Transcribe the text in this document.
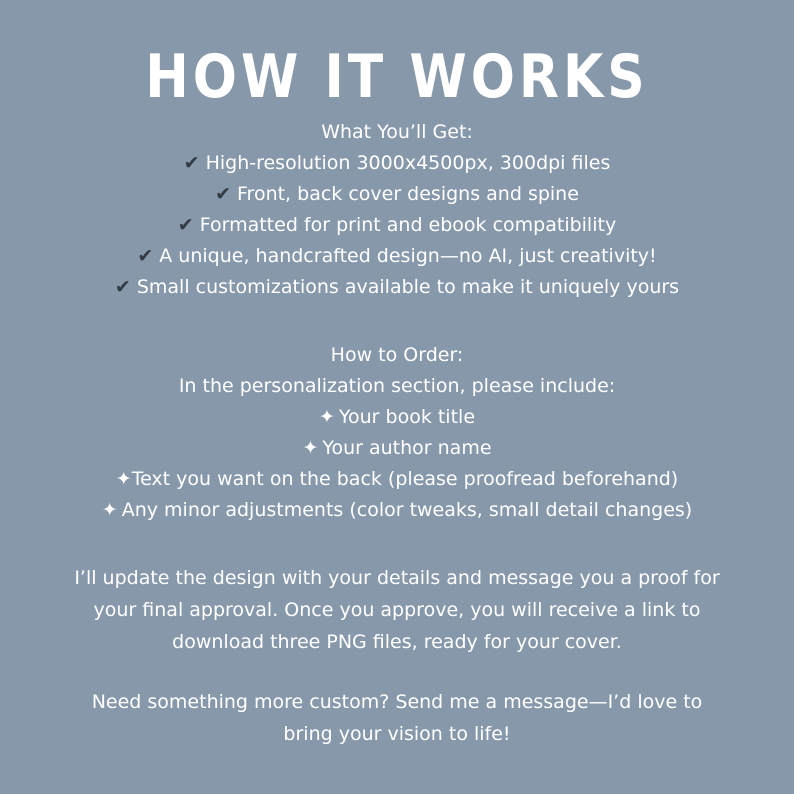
HOW IT WORKS
What You’ll Get:
✔ High-resolution 3000x4500px, 300dpi files
✔ Front, back cover designs and spine
✔ Formatted for print and ebook compatibility
✔ A unique, handcrafted design—no AI, just creativity!
✔ Small customizations available to make it uniquely yours
How to Order:
In the personalization section, please include:
✦ Your book title
✦ Your author name
✦Text you want on the back (please proofread beforehand)
✦ Any minor adjustments (color tweaks, small detail changes)
I’ll update the design with your details and message you a proof for
your final approval. Once you approve, you will receive a link to
download three PNG files, ready for your cover.
Need something more custom? Send me a message—I’d love to
bring your vision to life!
